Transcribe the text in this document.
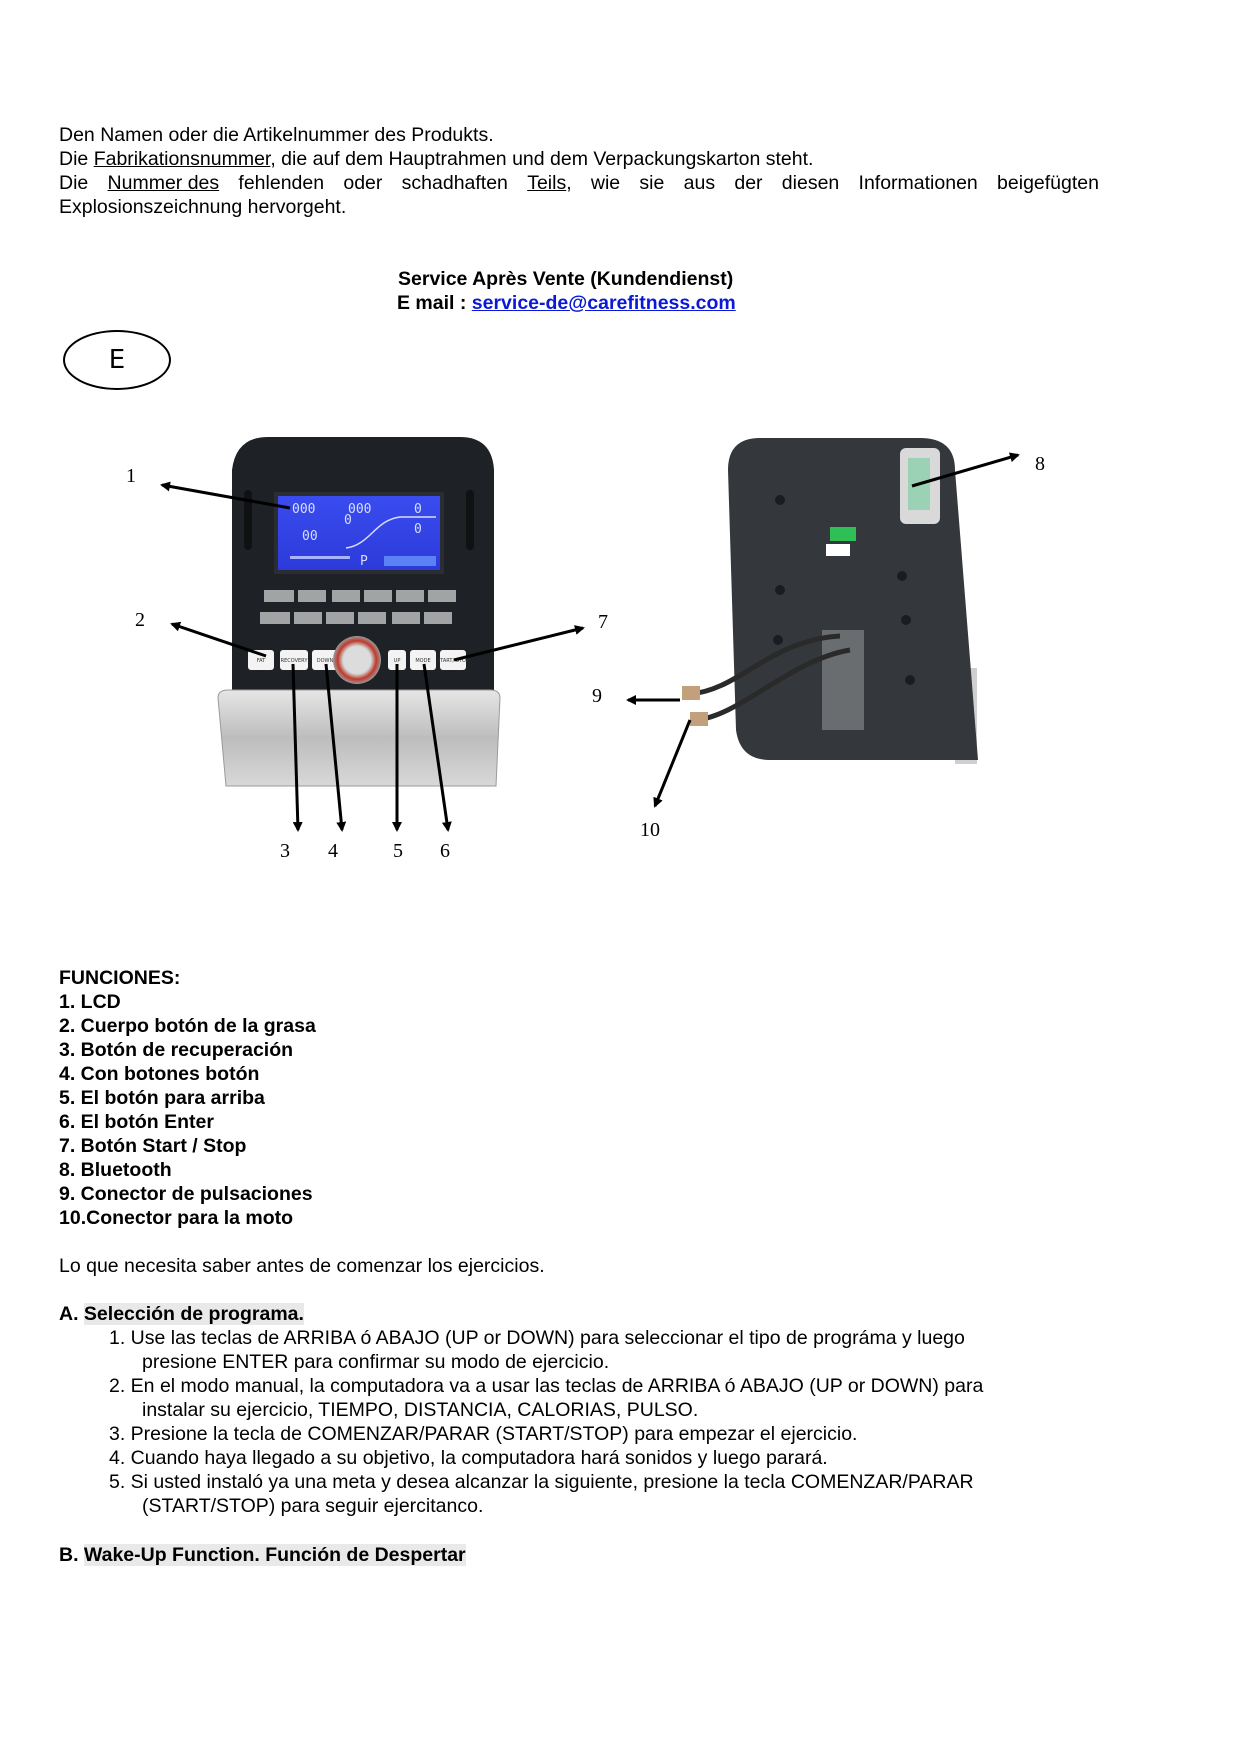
Den Namen oder die Artikelnummer des Produkts.
Die Fabrikationsnummer, die auf dem Hauptrahmen und dem Verpackungskarton steht.
Die Nummer des fehlenden oder schadhaften Teils, wie sie aus der diesen Informationen beigefügten
Explosionszeichnung hervorgeht.
Service Après Vente (Kundendienst)
E mail : service-de@carefitness.com
E
000	000
00
0
0
0
P
FAT	RECOVERY DOWN	UP	MODE START/ STOP
1
2
3 4	5 6
7
8
9
10
FUNCIONES:
1. LCD
2. Cuerpo botón de la grasa
3. Botón de recuperación
4. Con botones botón
5. El botón para arriba
6. El botón Enter
7. Botón Start / Stop
8. Bluetooth
9. Conector de pulsaciones
10.Conector para la moto
Lo que necesita saber antes de comenzar los ejercicios.
A. Selección de programa.
1. Use las teclas de ARRIBA ó ABAJO (UP or DOWN) para seleccionar el tipo de prográma y luego
presione ENTER para confirmar su modo de ejercicio.
2. En el modo manual, la computadora va a usar las teclas de ARRIBA ó ABAJO (UP or DOWN) para
instalar su ejercicio, TIEMPO, DISTANCIA, CALORIAS, PULSO.
3. Presione la tecla de COMENZAR/PARAR (START/STOP) para empezar el ejercicio.
4. Cuando haya llegado a su objetivo, la computadora hará sonidos y luego parará.
5. Si usted instaló ya una meta y desea alcanzar la siguiente, presione la tecla COMENZAR/PARAR
(START/STOP) para seguir ejercitanco.
B. Wake-Up Function. Función de Despertar
